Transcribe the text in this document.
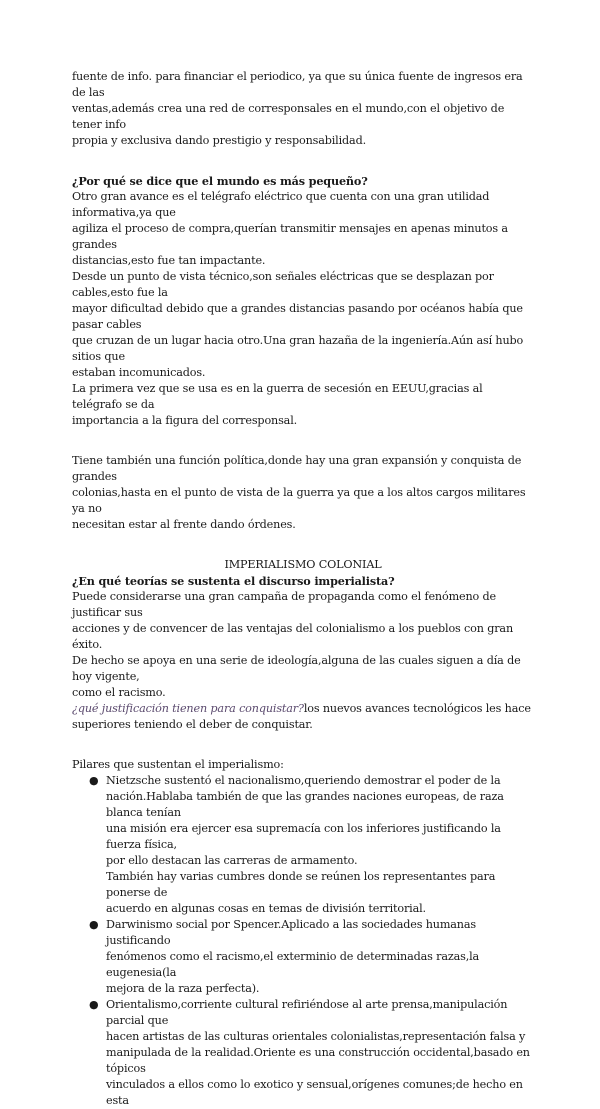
fuente de info. para financiar el periodico, ya que su única fuente de ingresos era de las

ventas,además crea una red de corresponsales en el mundo,con el objetivo de tener info

propia y exclusiva dando prestigio y responsabilidad.

¿Por qué se dice que el mundo es más pequeño?

Otro gran avance es el telégrafo eléctrico que cuenta con una gran utilidad informativa,ya que

agiliza el proceso de compra,querían transmitir mensajes en apenas minutos a grandes

distancias,esto fue tan impactante.

Desde un punto de vista técnico,son señales eléctricas que se desplazan por cables,esto fue la

mayor dificultad debido que a grandes distancias pasando por océanos había que pasar cables

que cruzan de un lugar hacia otro.Una gran hazaña de la ingeniería.Aún así hubo sitios que

estaban incomunicados.

La primera vez que se usa es en la guerra de secesión en EEUU,gracias al telégrafo se da

importancia a la figura del corresponsal.

Tiene también una función política,donde hay una gran expansión y conquista de grandes

colonias,hasta en el punto de vista de la guerra ya que a los altos cargos militares ya no

necesitan estar al frente dando órdenes.

IMPERIALISMO COLONIAL

¿En qué teorías se sustenta el discurso imperialista?

Puede considerarse una gran campaña de propaganda como el fenómeno de justificar sus

acciones y de convencer de las ventajas del colonialismo a los pueblos con gran éxito.

De hecho se apoya en una serie de ideología,alguna de las cuales siguen a día de hoy vigente,

como el racismo.

¿qué justificación tienen para conquistar?los nuevos avances tecnológicos les hace

superiores teniendo el deber de conquistar.

Pilares que sustentan el imperialismo:

● Nietzsche sustentó el nacionalismo,queriendo demostrar el poder de la

nación.Hablaba también de que las grandes naciones europeas, de raza blanca tenían

una misión era ejercer esa supremacía con los inferiores justificando la fuerza física,

por ello destacan las carreras de armamento.

También hay varias cumbres donde se reúnen los representantes para ponerse de

acuerdo en algunas cosas en temas de división territorial.

● Darwinismo social por Spencer.Aplicado a las sociedades humanas justificando

fenómenos como el racismo,el exterminio de determinadas razas,la eugenesia(la

mejora de la raza perfecta).

● Orientalismo,corriente cultural refiriéndose al arte prensa,manipulación parcial que

hacen artistas de las culturas orientales colonialistas,representación falsa y

manipulada de la realidad.Oriente es una construcción occidental,basado en tópicos

vinculados a ellos como lo exotico y sensual,orígenes comunes;de hecho en esta
